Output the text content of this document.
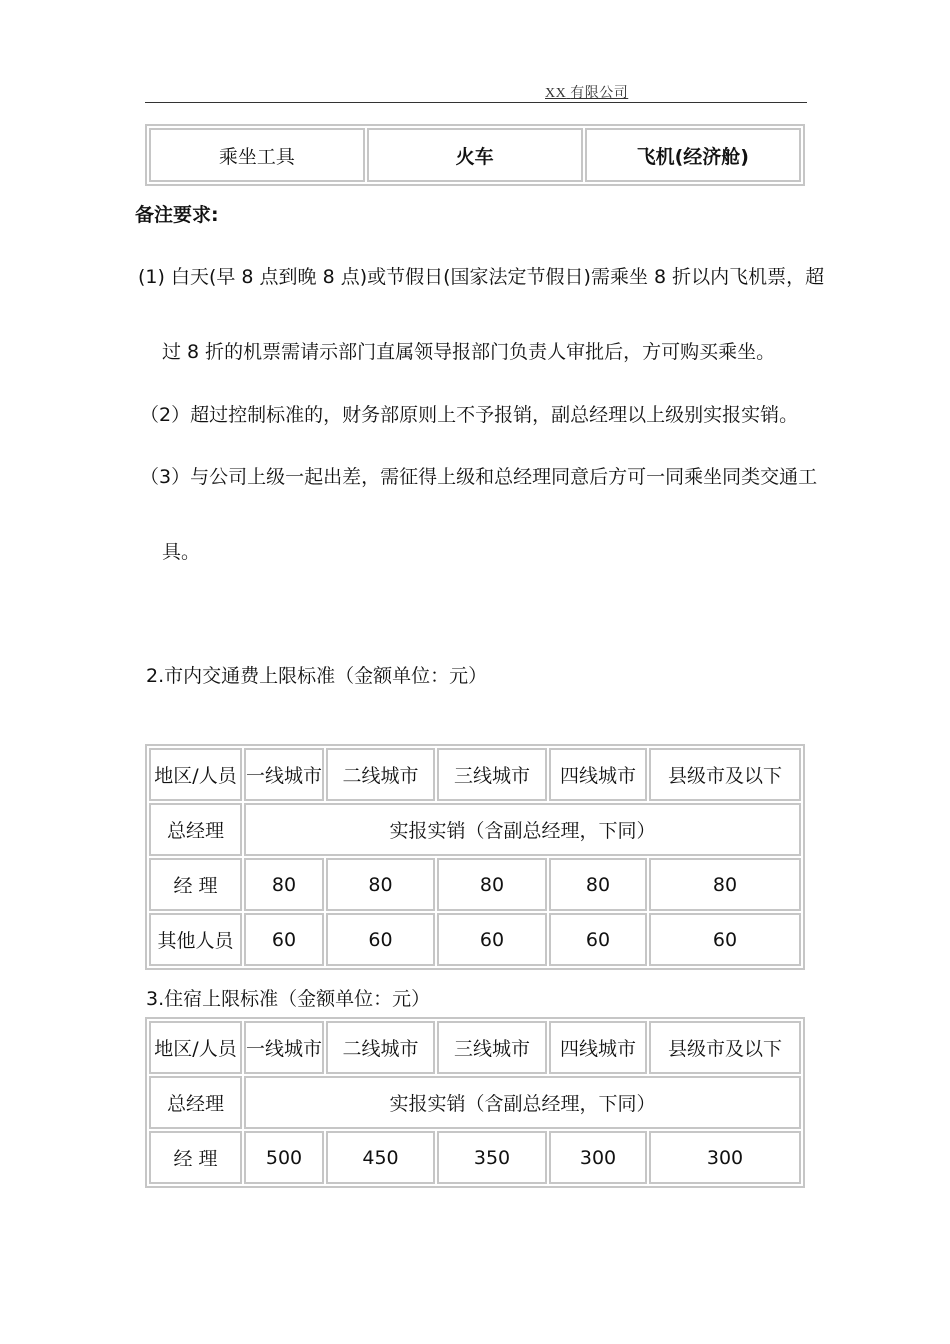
XX 有限公司
乘坐工具	火车	飞机(经济舱)
备注要求:
(1) 白天(早 8 点到晚 8 点)或节假日(国家法定节假日)需乘坐 8 折以内飞机票，超
过 8 折的机票需请示部门直属领导报部门负责人审批后，方可购买乘坐。
（2）超过控制标准的，财务部原则上不予报销，副总经理以上级别实报实销。
（3）与公司上级一起出差，需征得上级和总经理同意后方可一同乘坐同类交通工
具。
2.市内交通费上限标准（金额单位：元）
地区/人员	一线城市	二线城市	三线城市	四线城市	县级市及以下
总经理	实报实销（含副总经理，下同）				
经 理	80	80	80	80	80
其他人员	60	60	60	60	60
3.住宿上限标准（金额单位：元）
地区/人员	一线城市	二线城市	三线城市	四线城市	县级市及以下
总经理	实报实销（含副总经理，下同）				
经 理	500	450	350	300	300
